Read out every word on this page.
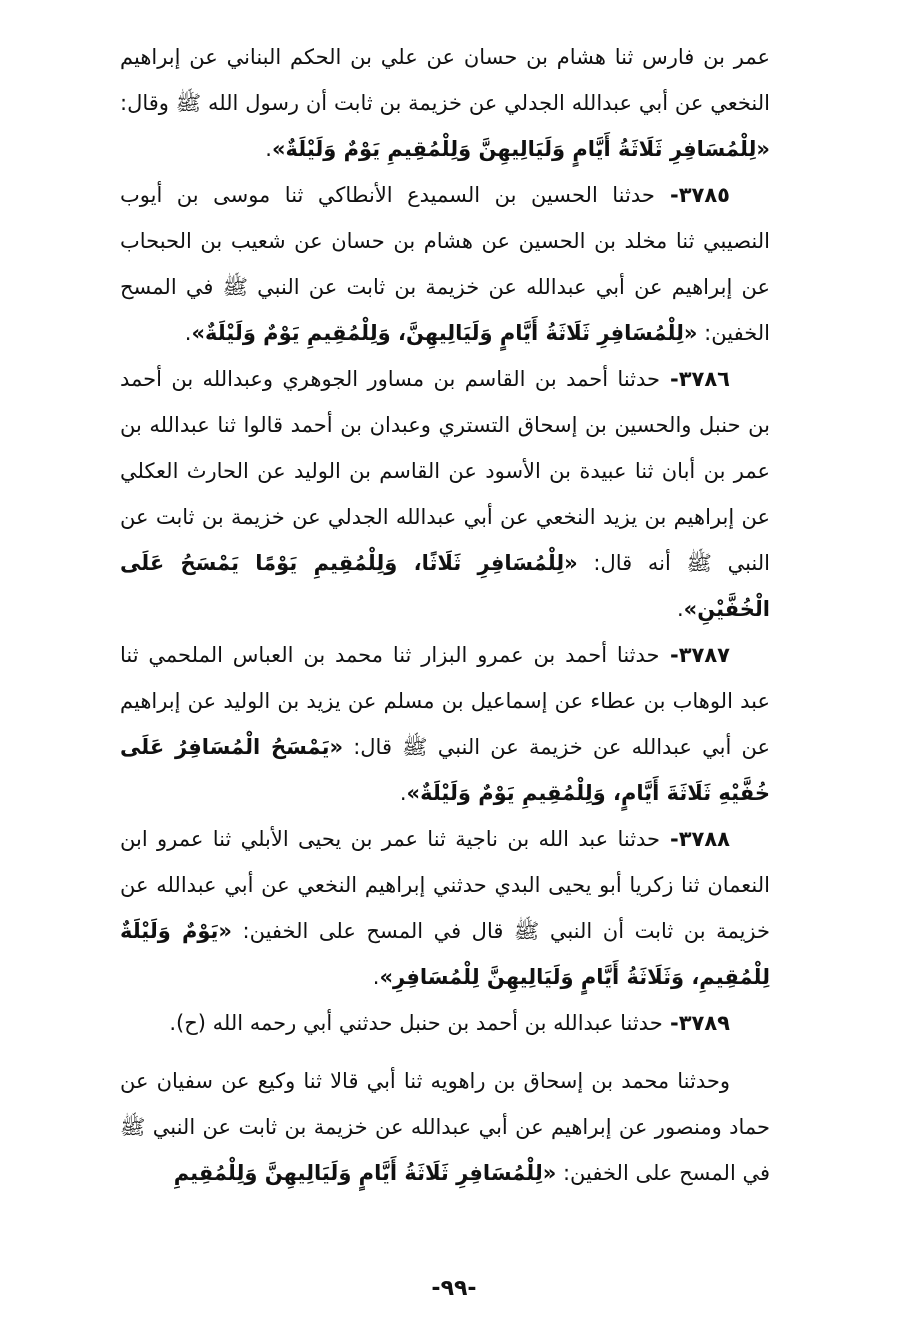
عمر بن فارس ثنا هشام بن حسان عن علي بن الحكم البناني عن إبراهيم النخعي عن أبي عبدالله الجدلي عن خزيمة بن ثابت أن رسول الله ﷺ وقال: «لِلْمُسَافِرِ ثَلَاثَةُ أَيَّامٍ وَلَيَالِيهِنَّ وَلِلْمُقِيمِ يَوْمٌ وَلَيْلَةٌ».

٣٧٨٥- حدثنا الحسين بن السميدع الأنطاكي ثنا موسى بن أيوب النصيبي ثنا مخلد بن الحسين عن هشام بن حسان عن شعيب بن الحبحاب عن إبراهيم عن أبي عبدالله عن خزيمة بن ثابت عن النبي ﷺ في المسح الخفين: «لِلْمُسَافِرِ ثَلَاثَةُ أَيَّامٍ وَلَيَالِيهِنَّ، وَلِلْمُقِيمِ يَوْمٌ وَلَيْلَةٌ».

٣٧٨٦- حدثنا أحمد بن القاسم بن مساور الجوهري وعبدالله بن أحمد بن حنبل والحسين بن إسحاق التستري وعبدان بن أحمد قالوا ثنا عبدالله بن عمر بن أبان ثنا عبيدة بن الأسود عن القاسم بن الوليد عن الحارث العكلي عن إبراهيم بن يزيد النخعي عن أبي عبدالله الجدلي عن خزيمة بن ثابت عن النبي ﷺ أنه قال: «لِلْمُسَافِرِ ثَلَاثًا، وَلِلْمُقِيمِ يَوْمًا يَمْسَحُ عَلَى الْخُفَّيْنِ».

٣٧٨٧- حدثنا أحمد بن عمرو البزار ثنا محمد بن العباس الملحمي ثنا عبد الوهاب بن عطاء عن إسماعيل بن مسلم عن يزيد بن الوليد عن إبراهيم عن أبي عبدالله عن خزيمة عن النبي ﷺ قال: «يَمْسَحُ الْمُسَافِرُ عَلَى خُفَّيْهِ ثَلَاثَةَ أَيَّامٍ، وَلِلْمُقِيمِ يَوْمٌ وَلَيْلَةٌ».

٣٧٨٨- حدثنا عبد الله بن ناجية ثنا عمر بن يحيى الأبلي ثنا عمرو ابن النعمان ثنا زكريا أبو يحيى البدي حدثني إبراهيم النخعي عن أبي عبدالله عن خزيمة بن ثابت أن النبي ﷺ قال في المسح على الخفين: «يَوْمٌ وَلَيْلَةٌ لِلْمُقِيمِ، وَثَلَاثَةُ أَيَّامٍ وَلَيَالِيهِنَّ لِلْمُسَافِرِ».

٣٧٨٩- حدثنا عبدالله بن أحمد بن حنبل حدثني أبي رحمه الله (ح).

وحدثنا محمد بن إسحاق بن راهويه ثنا أبي قالا ثنا وكيع عن سفيان عن حماد ومنصور عن إبراهيم عن أبي عبدالله عن خزيمة بن ثابت عن النبي ﷺ في المسح على الخفين: «لِلْمُسَافِرِ ثَلَاثَةُ أَيَّامٍ وَلَيَالِيهِنَّ وَلِلْمُقِيمِ

-٩٩-
